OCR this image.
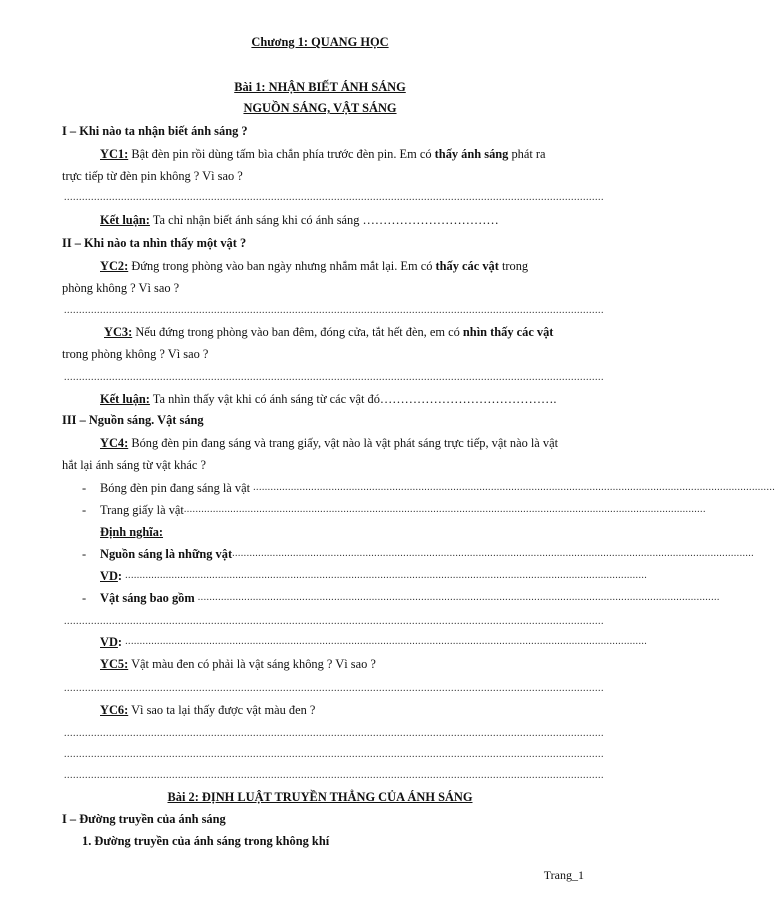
Chương 1: QUANG HỌC
Bài 1: NHẬN BIẾT ÁNH SÁNG
NGUỒN SÁNG, VẬT SÁNG
I – Khi nào ta nhận biết ánh sáng ?
YC1: Bật đèn pin rồi dùng tấm bìa chắn phía trước đèn pin. Em có thấy ánh sáng phát ra
trực tiếp từ đèn pin không ? Vì sao ?
....................................................................................................................................................................................
Kết luận: Ta chỉ nhận biết ánh sáng khi có ánh sáng ……………………………
II – Khi nào ta nhìn thấy một vật ?
YC2: Đứng trong phòng vào ban ngày nhưng nhắm mắt lại. Em có thấy các vật trong
phòng không ? Vì sao ?
....................................................................................................................................................................................
YC3: Nếu đứng trong phòng vào ban đêm, đóng cửa, tắt hết đèn, em có nhìn thấy các vật
trong phòng không ? Vì sao ?
....................................................................................................................................................................................
Kết luận: Ta nhìn thấy vật khi có ánh sáng từ các vật đó…………………………………….
III – Nguồn sáng. Vật sáng
YC4: Bóng đèn pin đang sáng và trang giấy, vật nào là vật phát sáng trực tiếp, vật nào là vật
hắt lại ánh sáng từ vật khác ?
- Bóng đèn pin đang sáng là vật ....................................................................................................................................................................................
- Trang giấy là vật....................................................................................................................................................................................
Định nghĩa:
- Nguồn sáng là những vật....................................................................................................................................................................................
VD: ....................................................................................................................................................................................
- Vật sáng bao gồm ....................................................................................................................................................................................
....................................................................................................................................................................................
VD: ....................................................................................................................................................................................
YC5: Vật màu đen có phải là vật sáng không ? Vì sao ?
....................................................................................................................................................................................
YC6: Vì sao ta lại thấy được vật màu đen ?
....................................................................................................................................................................................
....................................................................................................................................................................................
....................................................................................................................................................................................
Bài 2: ĐỊNH LUẬT TRUYỀN THẲNG CỦA ÁNH SÁNG
I – Đường truyền của ánh sáng
1. Đường truyền của ánh sáng trong không khí
Trang_1
